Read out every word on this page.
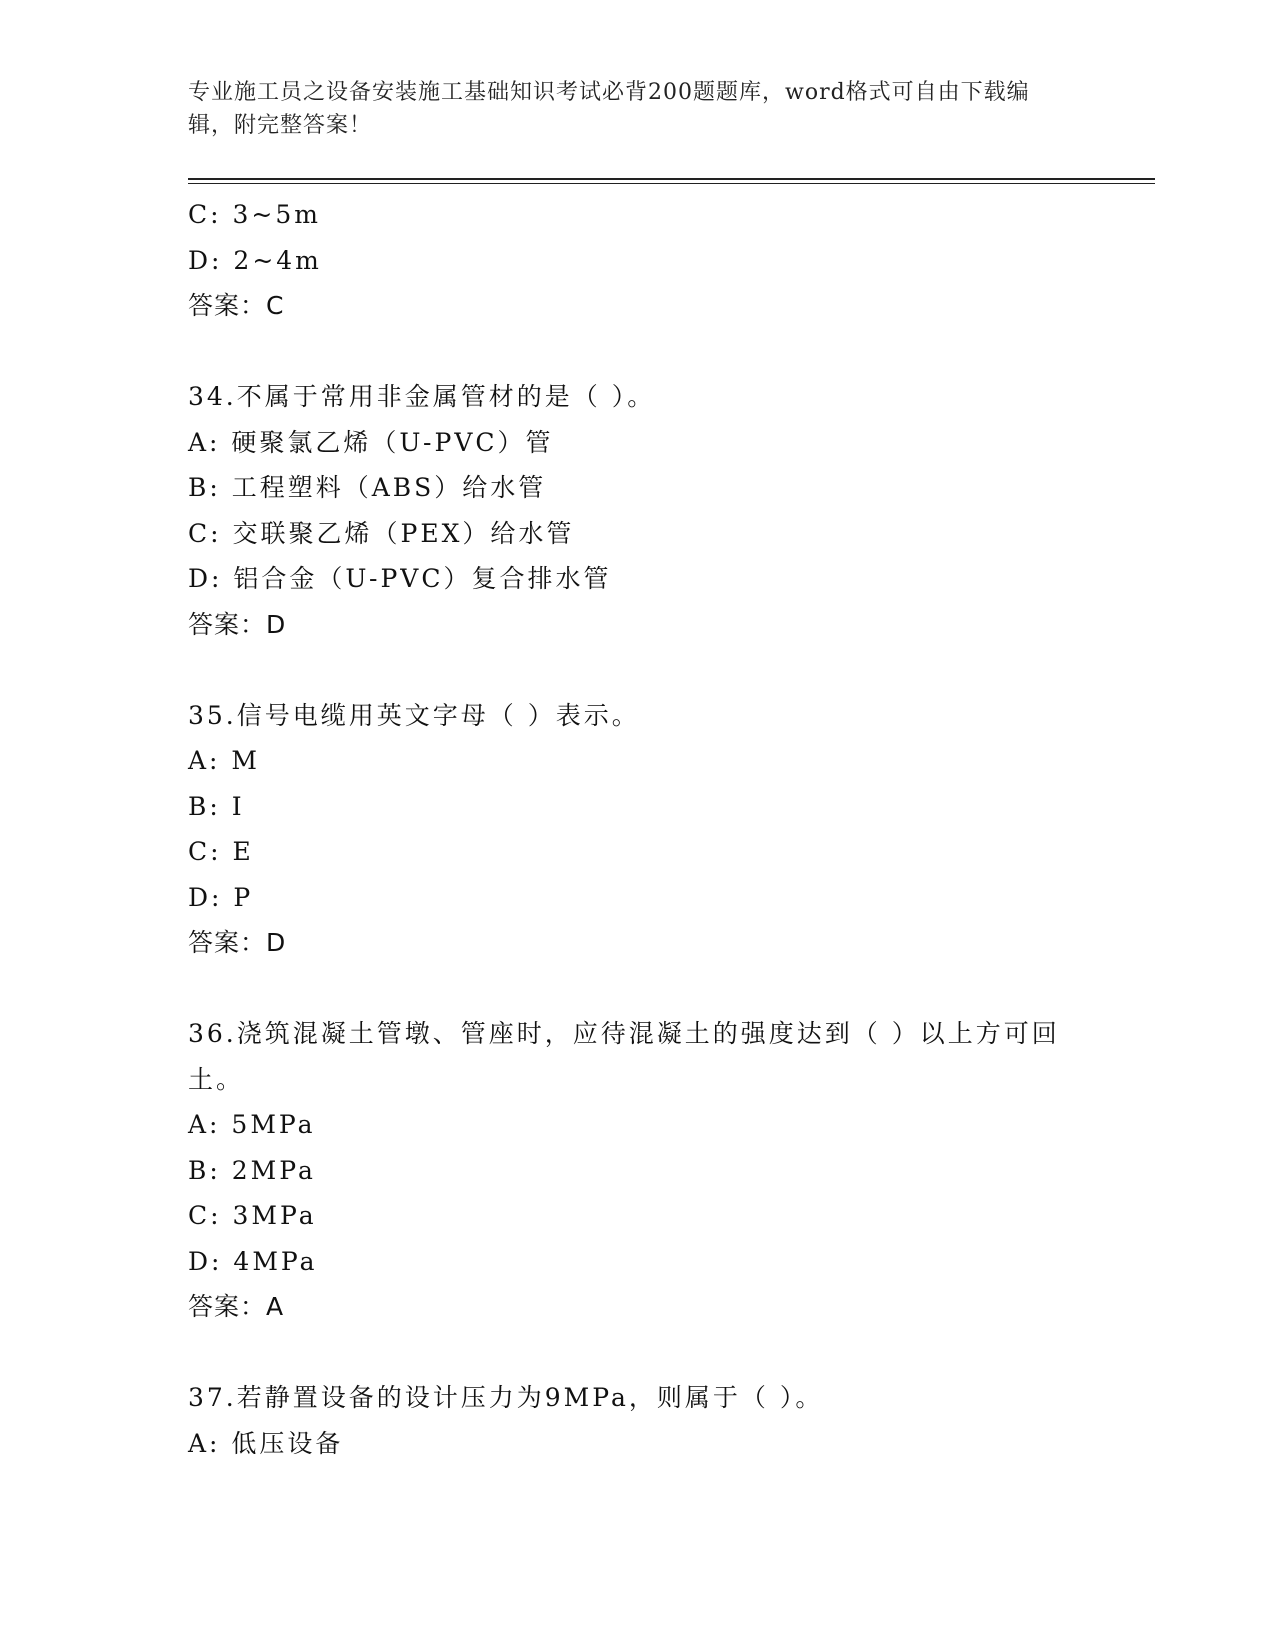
专业施工员之设备安装施工基础知识考试必背200题题库，word格式可自由下载编辑，附完整答案！
C: 3~5m
D: 2~4m
答案：C
34.不属于常用非金属管材的是（ ）。
A: 硬聚氯乙烯（U-PVC）管
B: 工程塑料（ABS）给水管
C: 交联聚乙烯（PEX）给水管
D: 铝合金（U-PVC）复合排水管
答案：D
35.信号电缆用英文字母（ ）表示。
A: M
B: I
C: E
D: P
答案：D
36.浇筑混凝土管墩、管座时，应待混凝土的强度达到（ ）以上方可回土。
A: 5MPa
B: 2MPa
C: 3MPa
D: 4MPa
答案：A
37.若静置设备的设计压力为9MPa，则属于（ ）。
A: 低压设备
